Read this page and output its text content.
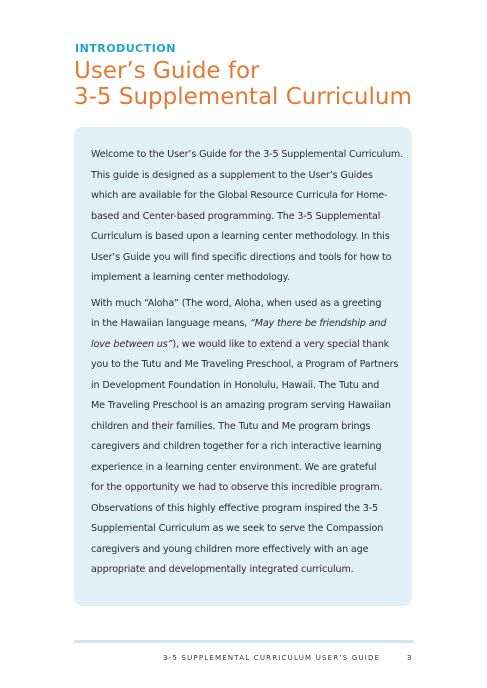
INTRODUCTION
User’s Guide for
3-5 Supplemental Curriculum

Welcome to the User’s Guide for the 3-5 Supplemental Curriculum.
This guide is designed as a supplement to the User’s Guides
which are available for the Global Resource Curricula for Home-
based and Center-based programming. The 3-5 Supplemental
Curriculum is based upon a learning center methodology. In this
User’s Guide you will find specific directions and tools for how to
implement a learning center methodology.

With much “Aloha” (The word, Aloha, when used as a greeting
in the Hawaiian language means, “May there be friendship and
love between us”), we would like to extend a very special thank
you to the Tutu and Me Traveling Preschool, a Program of Partners
in Development Foundation in Honolulu, Hawaii. The Tutu and
Me Traveling Preschool is an amazing program serving Hawaiian
children and their families. The Tutu and Me program brings
caregivers and children together for a rich interactive learning
experience in a learning center environment. We are grateful
for the opportunity we had to observe this incredible program.
Observations of this highly effective program inspired the 3-5
Supplemental Curriculum as we seek to serve the Compassion
caregivers and young children more effectively with an age
appropriate and developmentally integrated curriculum.

3-5 SUPPLEMENTAL CURRICULUM USER’S GUIDE	3
